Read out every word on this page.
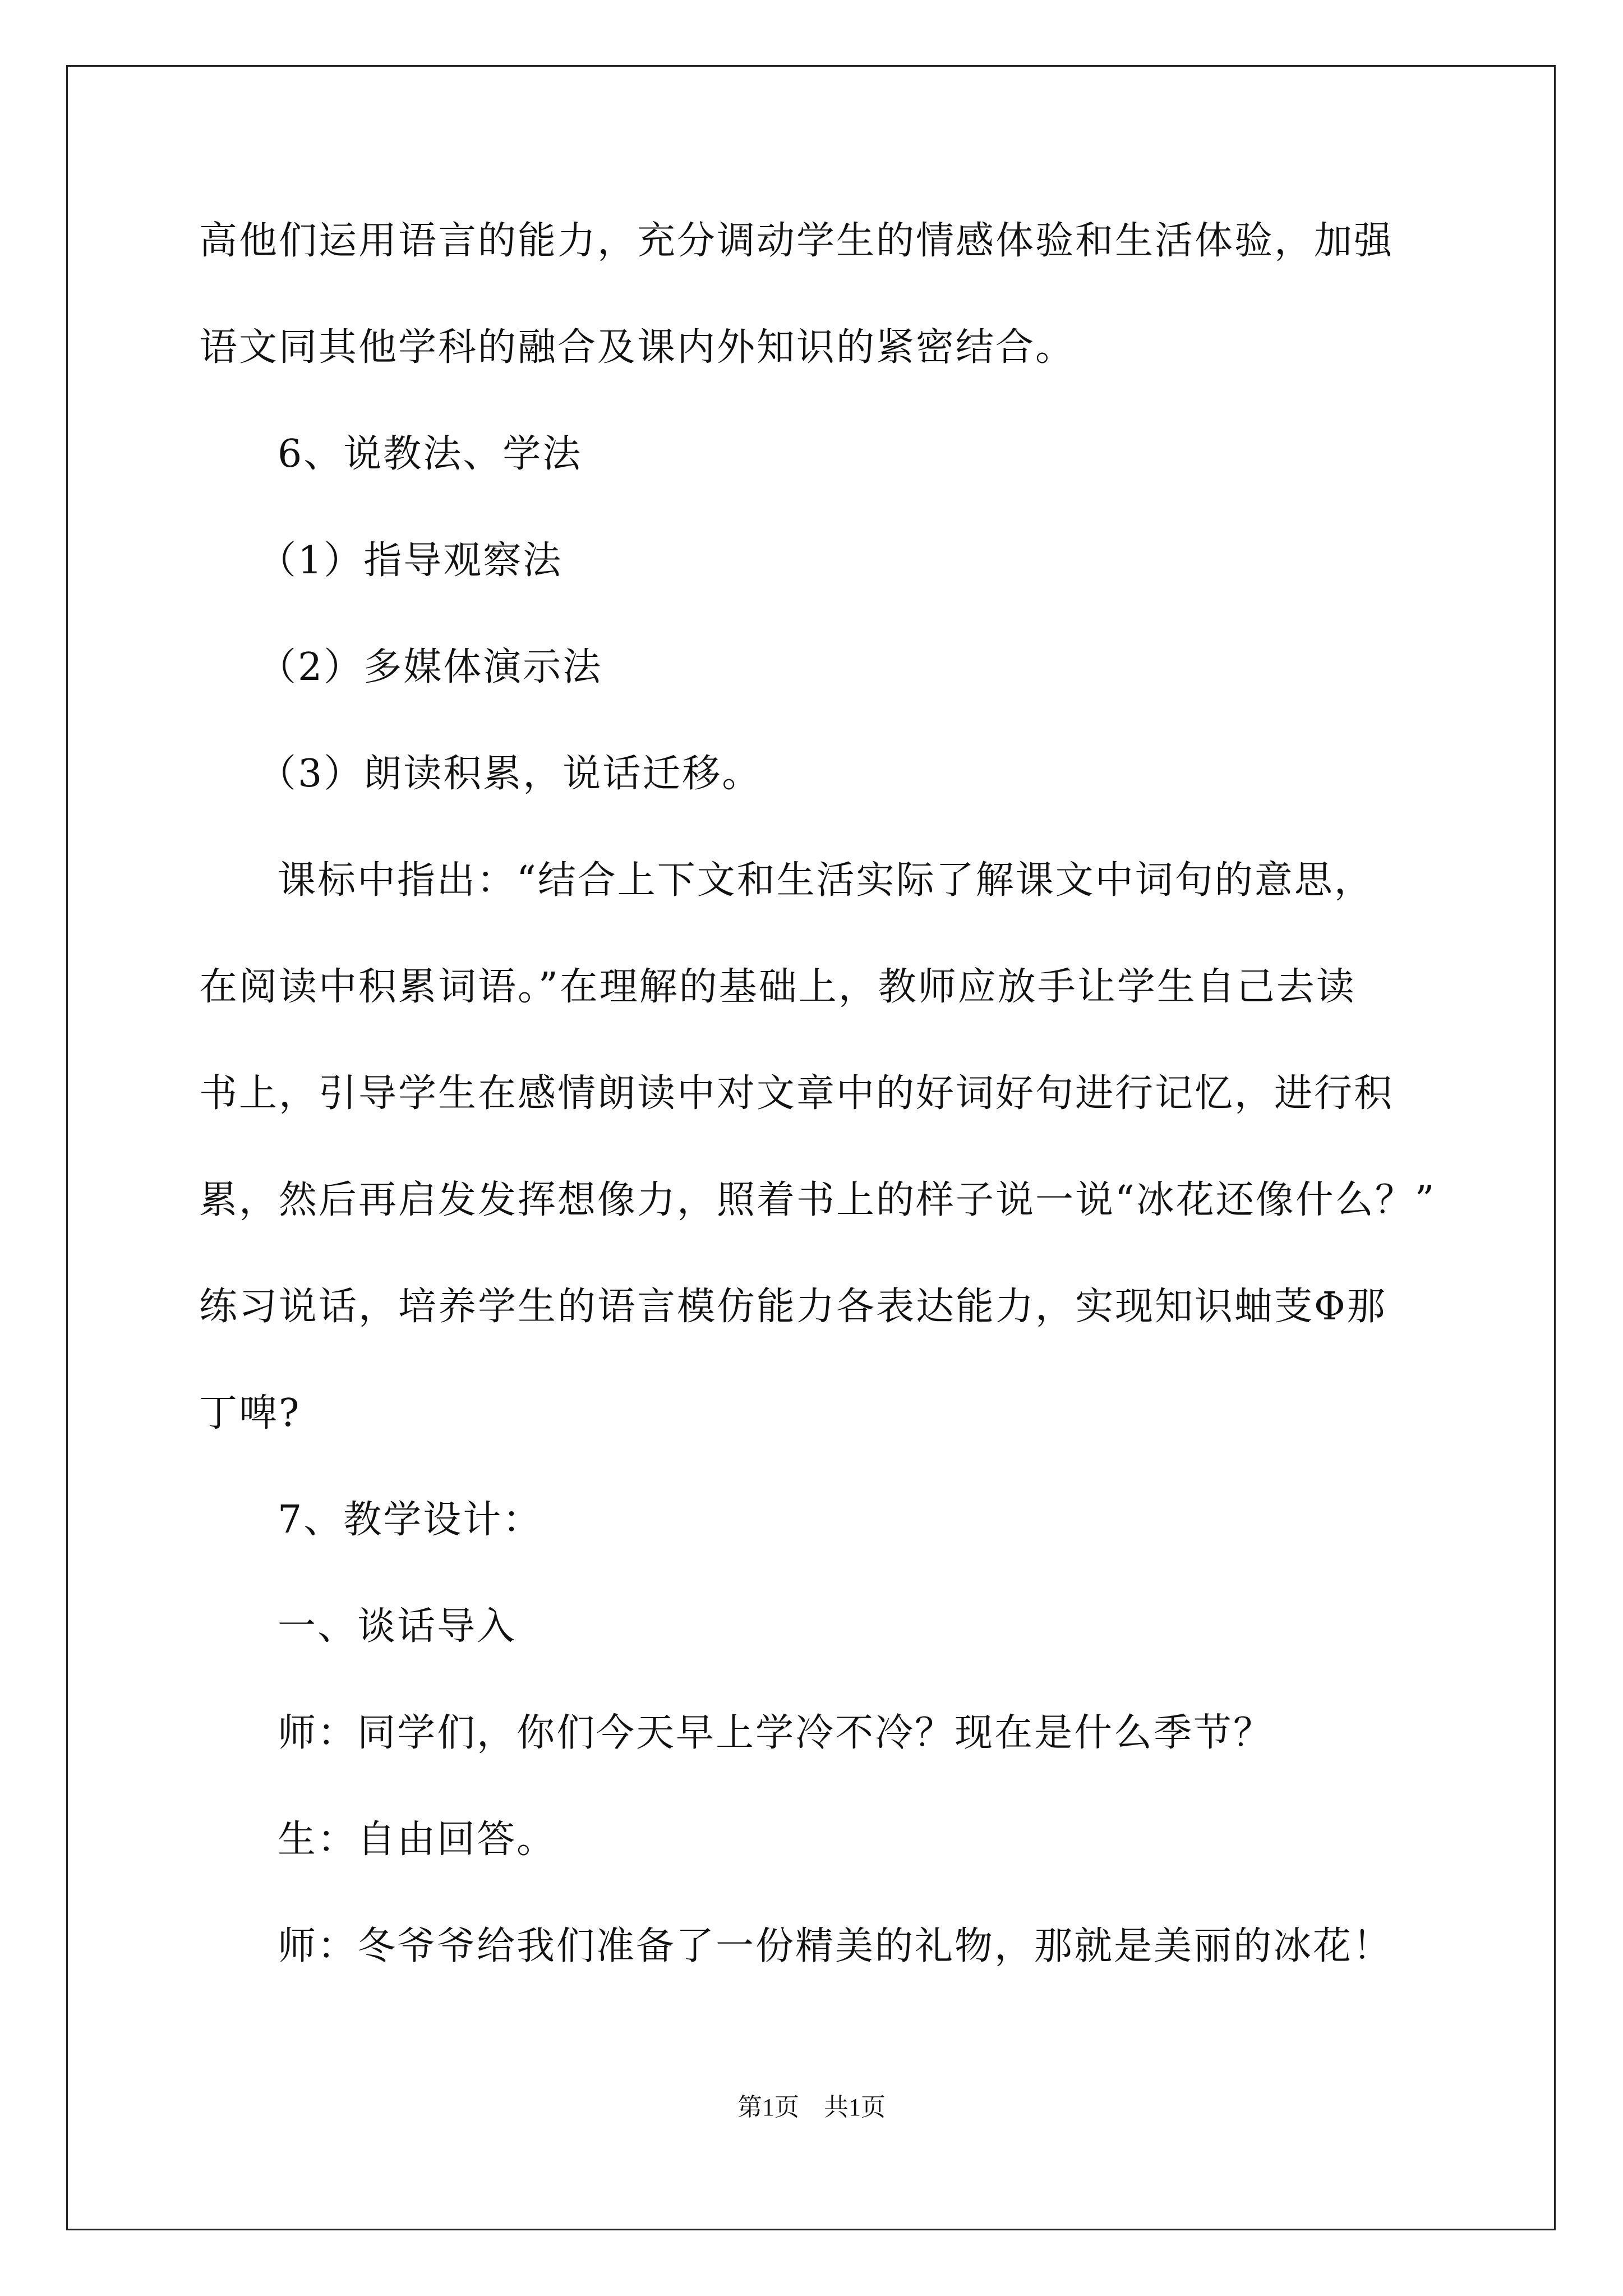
高他们运用语言的能力，充分调动学生的情感体验和生活体验，加强
语文同其他学科的融合及课内外知识的紧密结合。
6、说教法、学法
（1）指导观察法
（2）多媒体演示法
（3）朗读积累，说话迁移。
课标中指出：“结合上下文和生活实际了解课文中词句的意思，
在阅读中积累词语。”在理解的基础上，教师应放手让学生自己去读
书上，引导学生在感情朗读中对文章中的好词好句进行记忆，进行积
累，然后再启发发挥想像力，照着书上的样子说一说“冰花还像什么？”
练习说话，培养学生的语言模仿能力各表达能力，实现知识蚰芰Φ那
丁啤?
7、教学设计：
一、谈话导入
师：同学们，你们今天早上学冷不冷？现在是什么季节？
生：自由回答。
师：冬爷爷给我们准备了一份精美的礼物，那就是美丽的冰花！
第1页　共1页
